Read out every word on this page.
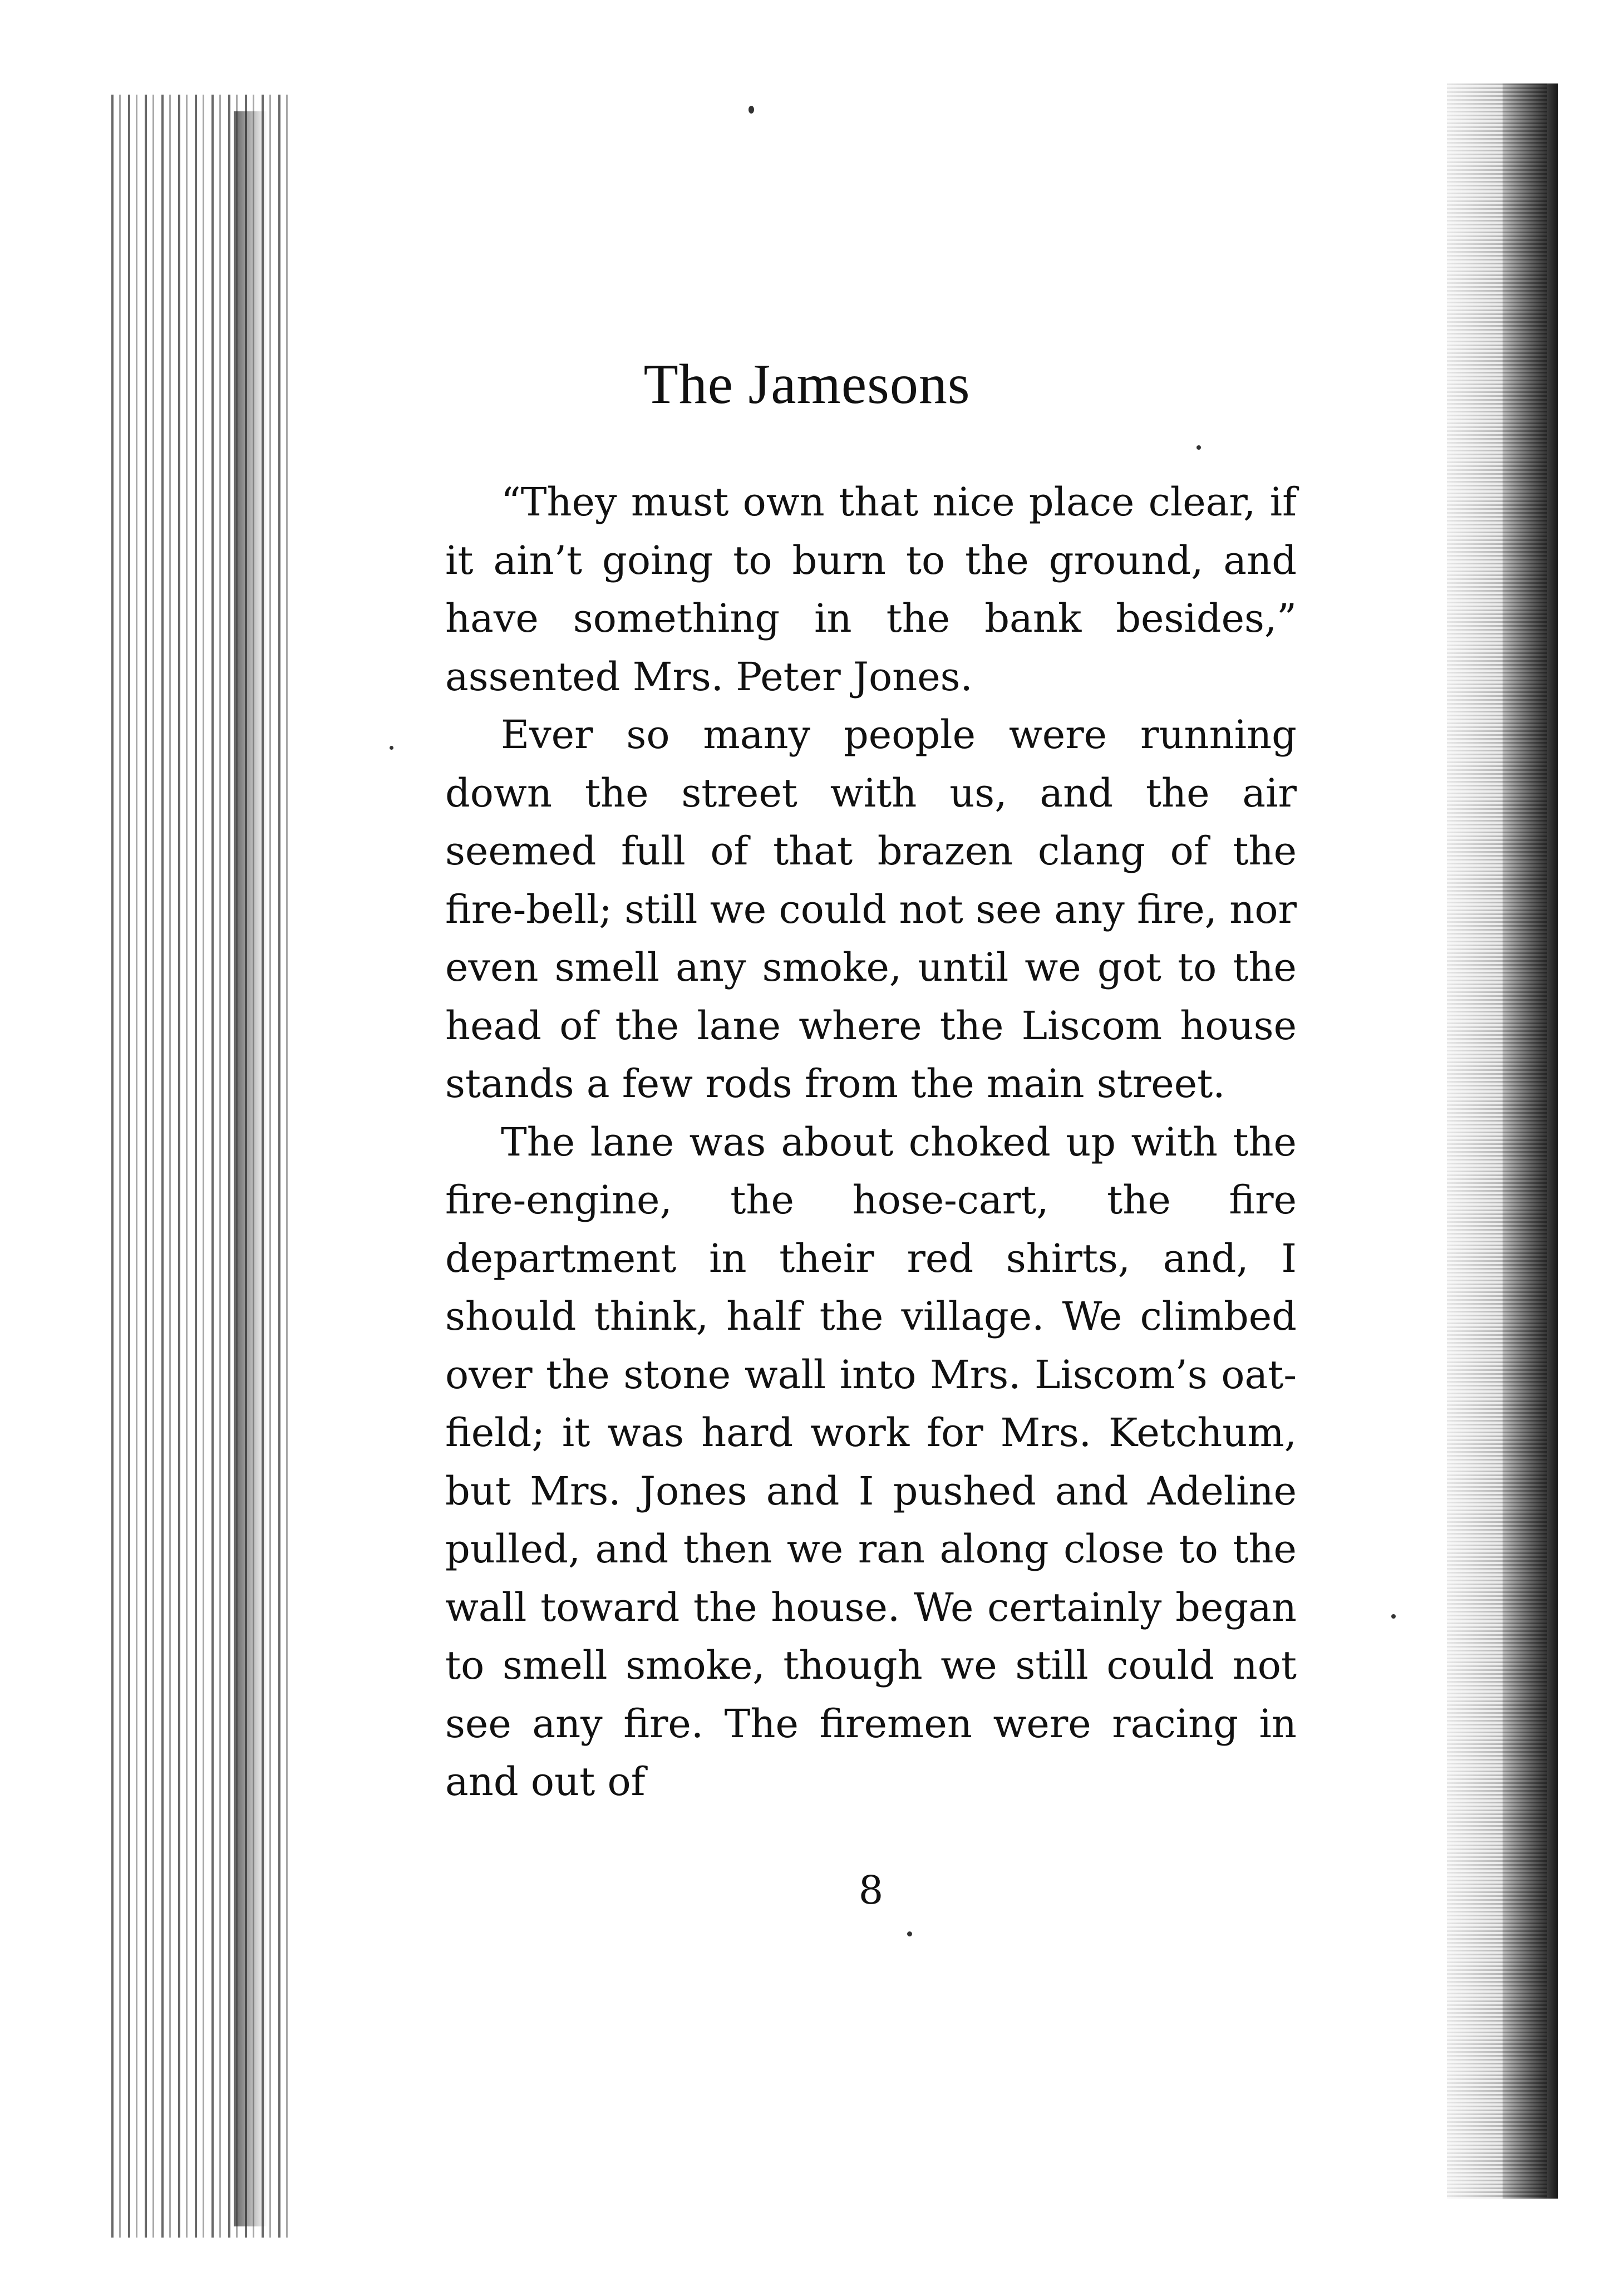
The Jamesons

“They must own that nice place clear, if it ain’t going to burn to the ground, and have something in the bank besides,” assented Mrs. Peter Jones.

Ever so many people were running down the street with us, and the air seemed full of that brazen clang of the fire-bell; still we could not see any fire, nor even smell any smoke, until we got to the head of the lane where the Liscom house stands a few rods from the main street.

The lane was about choked up with the fire-engine, the hose-cart, the fire department in their red shirts, and, I should think, half the village. We climbed over the stone wall into Mrs. Liscom’s oat-field; it was hard work for Mrs. Ketchum, but Mrs. Jones and I pushed and Adeline pulled, and then we ran along close to the wall toward the house. We certainly began to smell smoke, though we still could not see any fire. The firemen were racing in and out of

8
